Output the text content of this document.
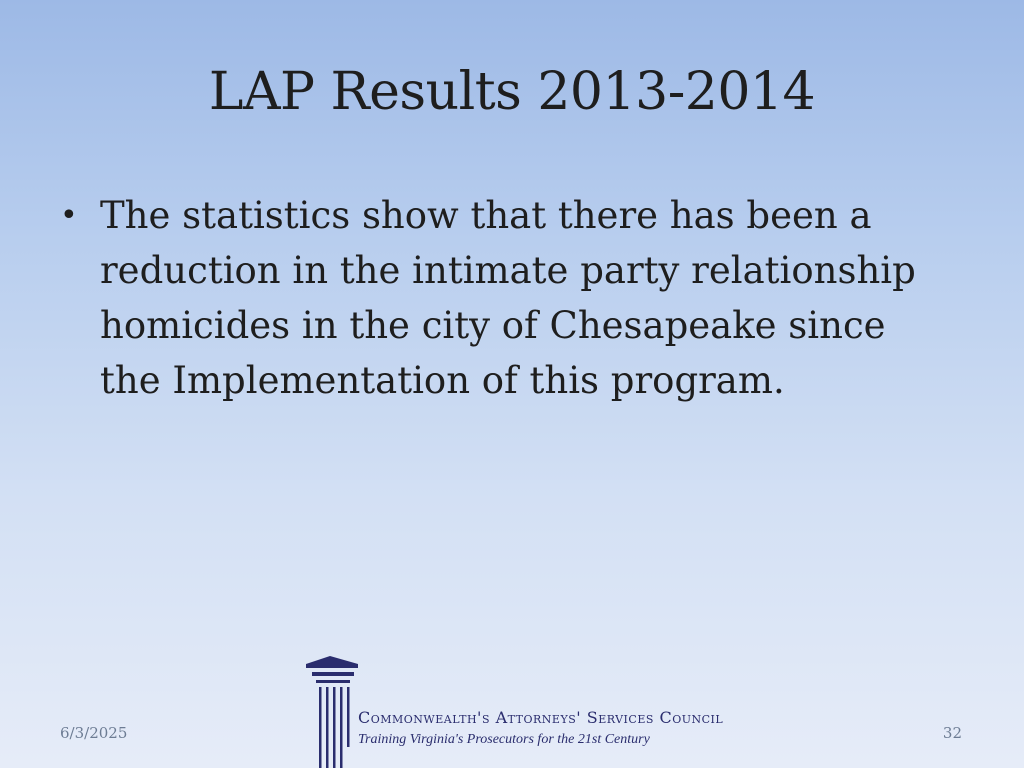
LAP Results 2013-2014
• The statistics show that there has been a reduction in the intimate party relationship homicides in the city of Chesapeake since the Implementation of this program.
6/3/2025
Commonwealth's Attorneys' Services Council
Training Virginia's Prosecutors for the 21st Century	32
